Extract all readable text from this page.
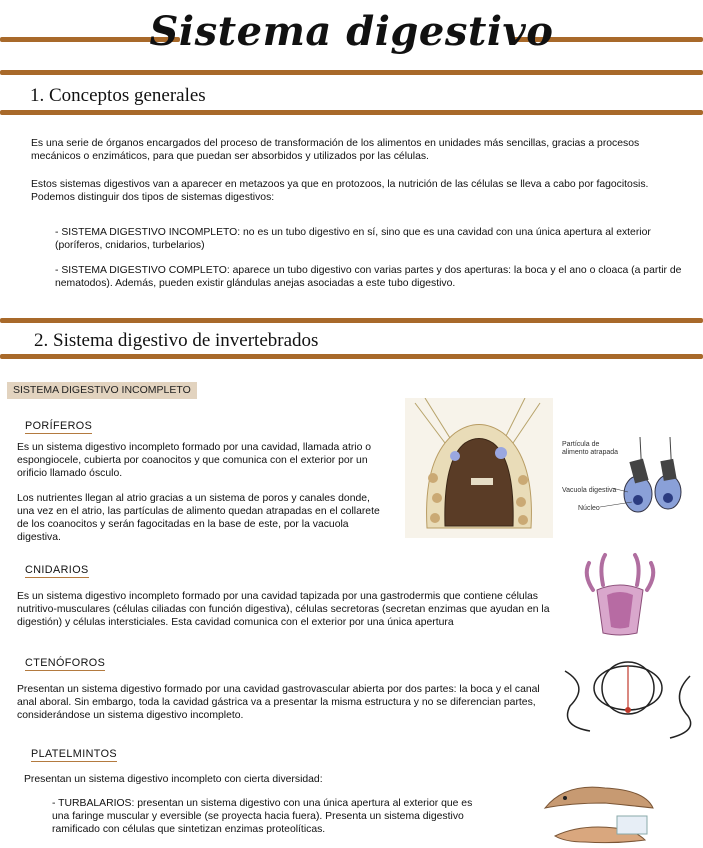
Sistema digestivo
1. Conceptos generales
Es una serie de órganos encargados del proceso de transformación de los alimentos en unidades más sencillas, gracias a procesos mecánicos o enzimáticos, para que puedan ser absorbidos y utilizados por las células.
Estos sistemas digestivos van a aparecer en metazoos ya que en protozoos, la nutrición de las células se lleva a cabo por fagocitosis. Podemos distinguir dos tipos de sistemas digestivos:
- SISTEMA DIGESTIVO INCOMPLETO: no es un tubo digestivo en sí, sino que es una cavidad con una única apertura al exterior (poríferos, cnidarios, turbelarios)
- SISTEMA DIGESTIVO COMPLETO: aparece un tubo digestivo con varias partes y dos aperturas: la boca y el ano o cloaca (a partir de nematodos). Además, pueden existir glándulas anejas asociadas a este tubo digestivo.
2. Sistema digestivo de invertebrados
SISTEMA DIGESTIVO INCOMPLETO
PORÍFEROS
Es un sistema digestivo incompleto formado por una cavidad, llamada atrio o espongiocele, cubierta por coanocitos y que comunica con el exterior por un orificio llamado ósculo.
Los nutrientes llegan al atrio gracias a un sistema de poros y canales donde, una vez en el atrio, las partículas de alimento quedan atrapadas en el collarete de los coanocitos y serán fagocitadas en la base de este, por la vacuola digestiva.
Partícula de alimento atrapada
Vacuola digestiva
Núcleo
CNIDARIOS
Es un sistema digestivo incompleto formado por una cavidad tapizada por una gastrodermis que contiene células nutritivo-musculares (células ciliadas con función digestiva), células secretoras (secretan enzimas que ayudan en la digestión) y células intersticiales. Esta cavidad comunica con el exterior por una única apertura
CTENÓFOROS
Presentan un sistema digestivo formado por una cavidad gastrovascular abierta por dos partes: la boca y el canal anal aboral. Sin embargo, toda la cavidad gástrica va a presentar la misma estructura y no se diferencian partes, considerándose un sistema digestivo incompleto.
PLATELMINTOS
Presentan un sistema digestivo incompleto con cierta diversidad:
- TURBALARIOS: presentan un sistema digestivo con una única apertura al exterior que es una faringe muscular y eversible (se proyecta hacia fuera). Presenta un sistema digestivo ramificado con células que sintetizan enzimas proteolíticas.
